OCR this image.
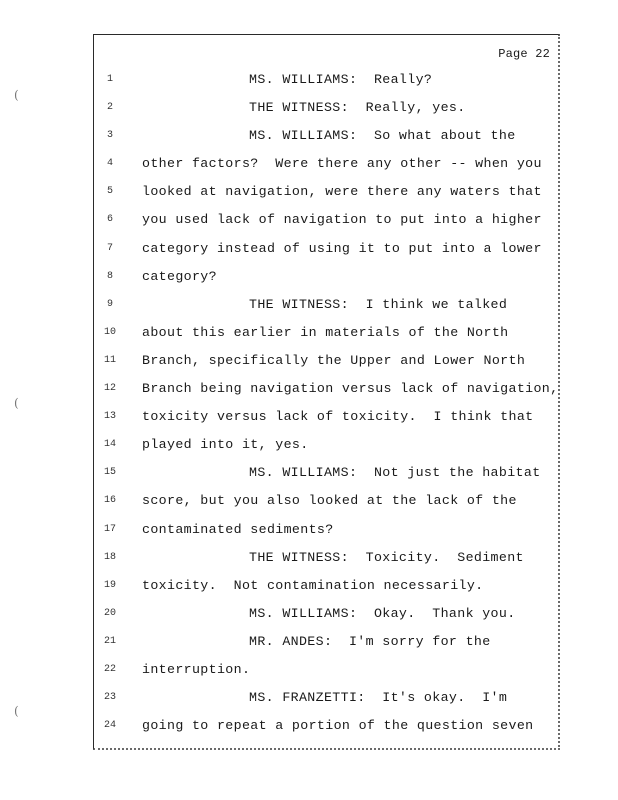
(
(
(
Page 22
1	MS. WILLIAMS:  Really?
2	THE WITNESS:  Really, yes.
3	MS. WILLIAMS:  So what about the
4	other factors?  Were there any other -- when you
5	looked at navigation, were there any waters that
6	you used lack of navigation to put into a higher
7	category instead of using it to put into a lower
8	category?
9	THE WITNESS:  I think we talked
10	about this earlier in materials of the North
11	Branch, specifically the Upper and Lower North
12	Branch being navigation versus lack of navigation,
13	toxicity versus lack of toxicity.  I think that
14	played into it, yes.
15	MS. WILLIAMS:  Not just the habitat
16	score, but you also looked at the lack of the
17	contaminated sediments?
18	THE WITNESS:  Toxicity.  Sediment
19	toxicity.  Not contamination necessarily.
20	MS. WILLIAMS:  Okay.  Thank you.
21	MR. ANDES:  I'm sorry for the
22	interruption.
23	MS. FRANZETTI:  It's okay.  I'm
24	going to repeat a portion of the question seven
